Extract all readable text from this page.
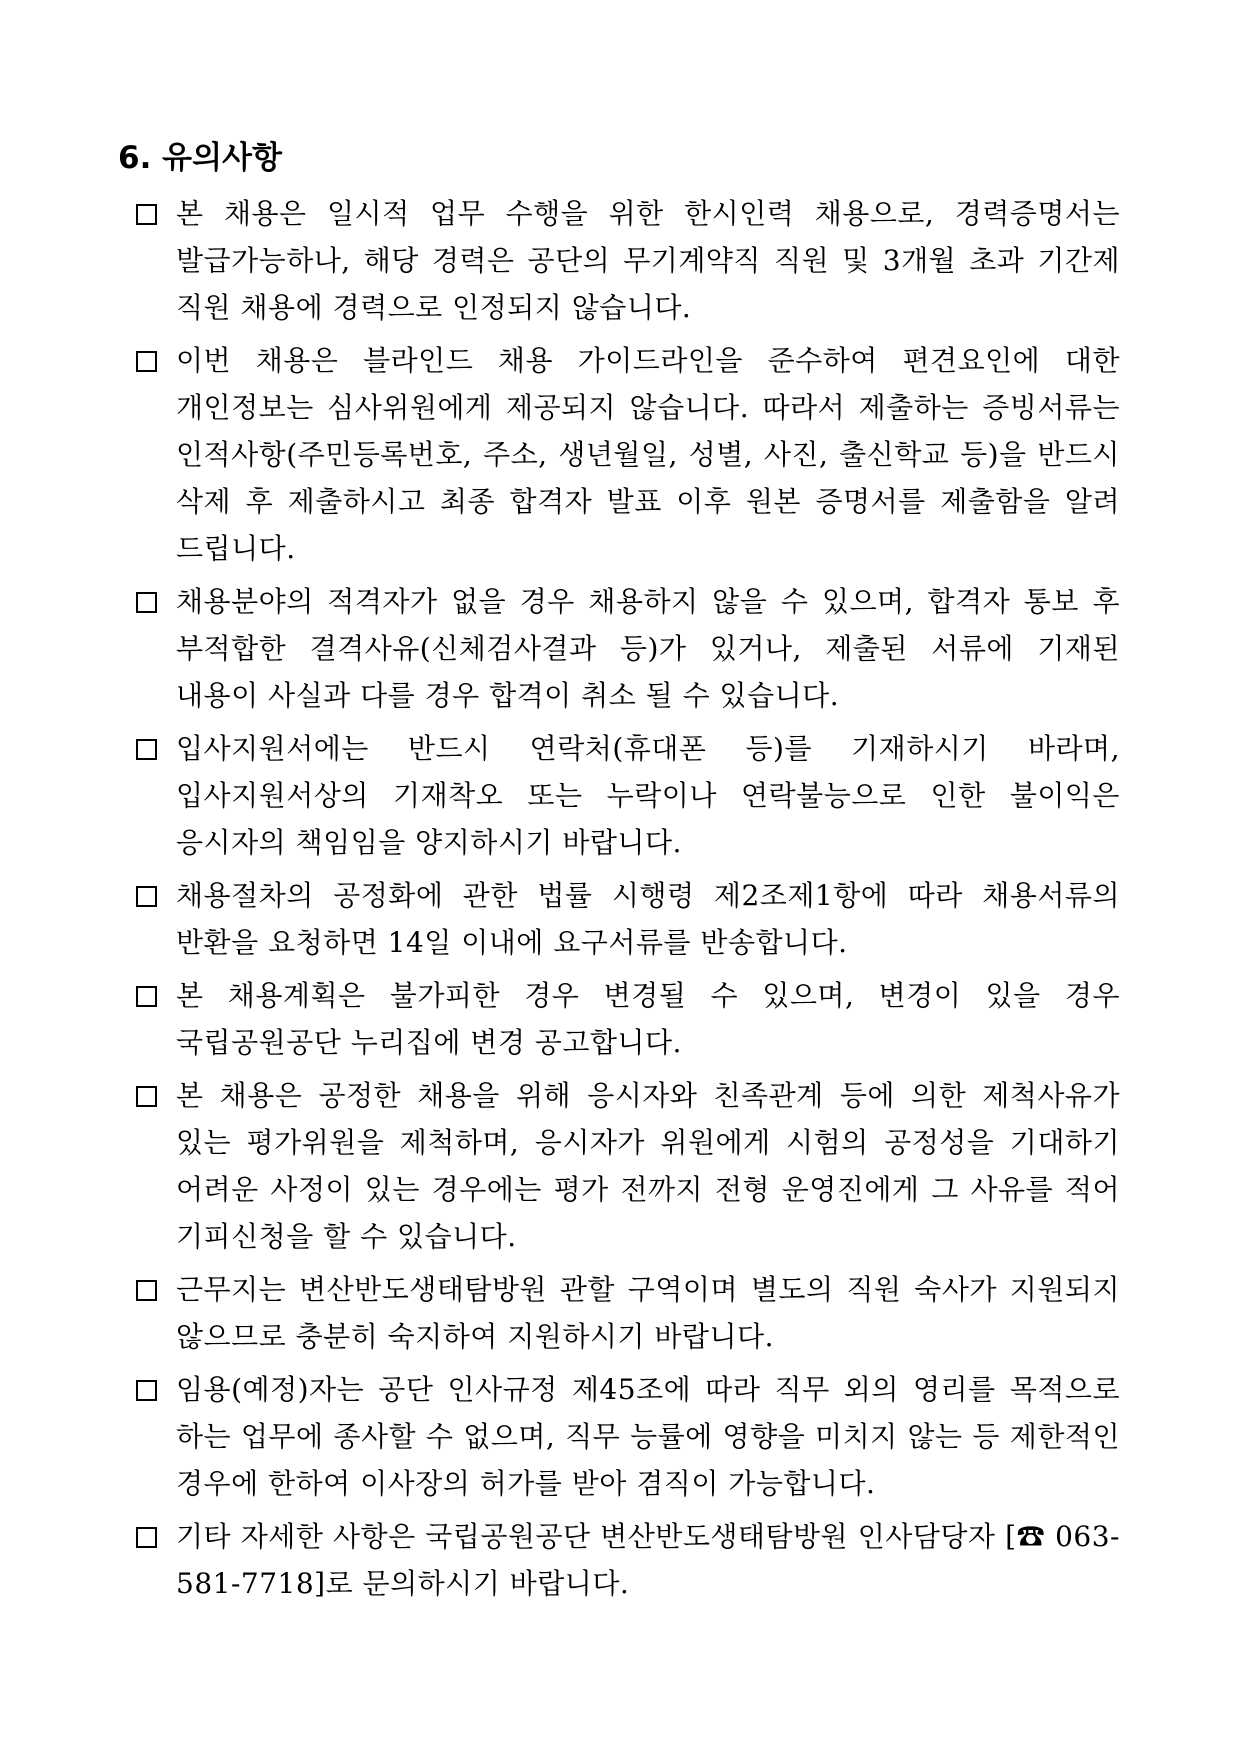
6. 유의사항
본 채용은 일시적 업무 수행을 위한 한시인력 채용으로, 경력증명서는 발급가능하나, 해당 경력은 공단의 무기계약직 직원 및 3개월 초과 기간제 직원 채용에 경력으로 인정되지 않습니다.
이번 채용은 블라인드 채용 가이드라인을 준수하여 편견요인에 대한 개인정보는 심사위원에게 제공되지 않습니다. 따라서 제출하는 증빙서류는 인적사항(주민등록번호, 주소, 생년월일, 성별, 사진, 출신학교 등)을 반드시 삭제 후 제출하시고 최종 합격자 발표 이후 원본 증명서를 제출함을 알려 드립니다.
채용분야의 적격자가 없을 경우 채용하지 않을 수 있으며, 합격자 통보 후 부적합한 결격사유(신체검사결과 등)가 있거나, 제출된 서류에 기재된 내용이 사실과 다를 경우 합격이 취소 될 수 있습니다.
입사지원서에는 반드시 연락처(휴대폰 등)를 기재하시기 바라며, 입사지원서상의 기재착오 또는 누락이나 연락불능으로 인한 불이익은 응시자의 책임임을 양지하시기 바랍니다.
채용절차의 공정화에 관한 법률 시행령 제2조제1항에 따라 채용서류의 반환을 요청하면 14일 이내에 요구서류를 반송합니다.
본 채용계획은 불가피한 경우 변경될 수 있으며, 변경이 있을 경우 국립공원공단 누리집에 변경 공고합니다.
본 채용은 공정한 채용을 위해 응시자와 친족관계 등에 의한 제척사유가 있는 평가위원을 제척하며, 응시자가 위원에게 시험의 공정성을 기대하기 어려운 사정이 있는 경우에는 평가 전까지 전형 운영진에게 그 사유를 적어 기피신청을 할 수 있습니다.
근무지는 변산반도생태탐방원 관할 구역이며 별도의 직원 숙사가 지원되지 않으므로 충분히 숙지하여 지원하시기 바랍니다.
임용(예정)자는 공단 인사규정 제45조에 따라 직무 외의 영리를 목적으로 하는 업무에 종사할 수 없으며, 직무 능률에 영향을 미치지 않는 등 제한적인 경우에 한하여 이사장의 허가를 받아 겸직이 가능합니다.
기타 자세한 사항은 국립공원공단 변산반도생태탐방원 인사담당자 [☎ 063-581-7718]로 문의하시기 바랍니다.
